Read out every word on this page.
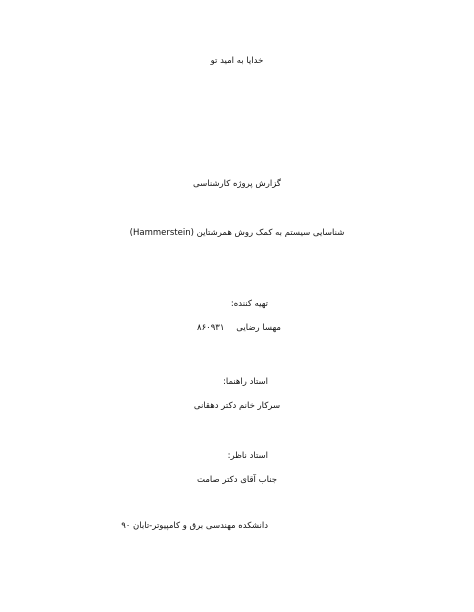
خدایا به امید تو
گزارش پروژه کارشناسی
شناسایی سیستم به کمک روش همرشتاین (Hammerstein)
تهیه کننده:
مهسا رضایی
۸۶۰۹۳۱
استاد راهنما:
سرکار خانم دکتر دهقانی
استاد ناظر:
جناب آقای دکتر صامت
دانشکده مهندسی برق و کامپیوتر-تابان ۹۰
